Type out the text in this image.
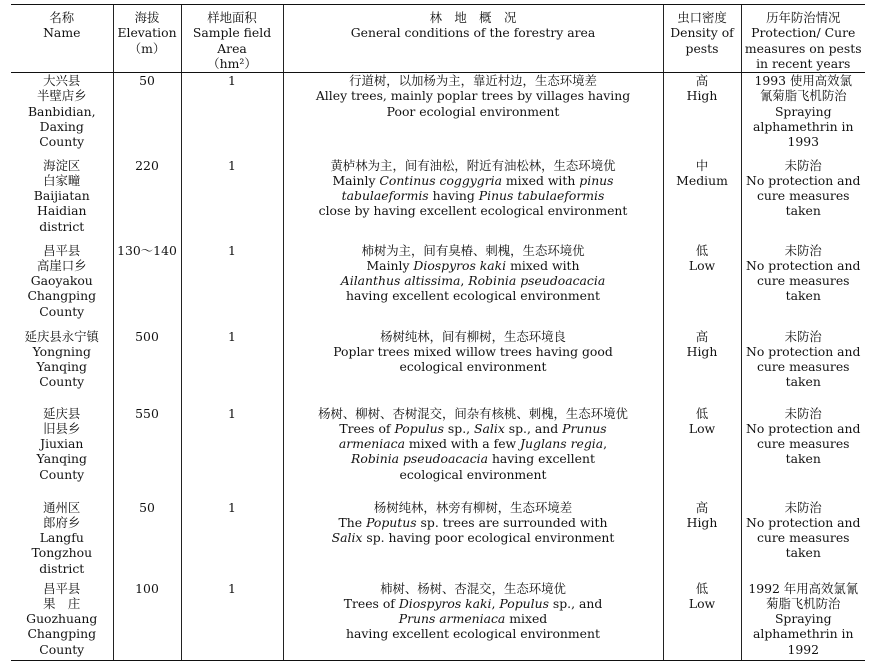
名称
Name	海拔
Elevation
（m）	样地面积
Sample field
Area
（hm²）	林　地　概　况
General conditions of the forestry area	虫口密度
Density of
pests	历年防治情况
Protection/ Cure
measures on pests
in recent years

大兴县
半壁店乡
Banbidian,
Daxing
County	50	1	行道树，以加杨为主，靠近村边，生态环境差
Alley trees, mainly poplar trees by villages having
Poor ecologial environment	高
High	1993 使用高效氯
氰菊脂飞机防治
Spraying
alphamethrin in
1993

海淀区
白家疃
Baijiatan
Haidian
district	220	1	黄栌林为主，间有油松，附近有油松林，生态环境优
Mainly Continus coggygria mixed with pinus
tabulaeformis having Pinus tabulaeformis
close by having excellent ecological environment	中
Medium	未防治
No protection and
cure measures
taken

昌平县
高崖口乡
Gaoyakou
Changping
County	130～140	1	柿树为主，间有臭椿、刺槐，生态环境优
Mainly Diospyros kaki mixed with
Ailanthus altissima, Robinia pseudoacacia
having excellent ecological environment	低
Low	未防治
No protection and
cure measures
taken

延庆县永宁镇
Yongning
Yanqing
County	500	1	杨树纯林，间有柳树，生态环境良
Poplar trees mixed willow trees having good
ecological environment	高
High	未防治
No protection and
cure measures
taken

延庆县
旧县乡
Jiuxian
Yanqing
County	550	1	杨树、柳树、杏树混交，间杂有核桃、刺槐，生态环境优
Trees of Populus sp., Salix sp., and Prunus
armeniaca mixed with a few Juglans regia,
Robinia pseudoacacia having excellent
ecological environment	低
Low	未防治
No protection and
cure measures
taken

通州区
郎府乡
Langfu
Tongzhou
district	50	1	杨树纯林，林旁有柳树，生态环境差
The Poputus sp. trees are surrounded with
Salix sp. having poor ecological environment	高
High	未防治
No protection and
cure measures
taken

昌平县
果　庄
Guozhuang
Changping
County	100	1	柿树、杨树、杏混交，生态环境优
Trees of Diospyros kaki, Populus sp., and
Pruns armeniaca mixed
having excellent ecological environment	低
Low	1992 年用高效氯氰
菊脂飞机防治
Spraying
alphamethrin in
1992
